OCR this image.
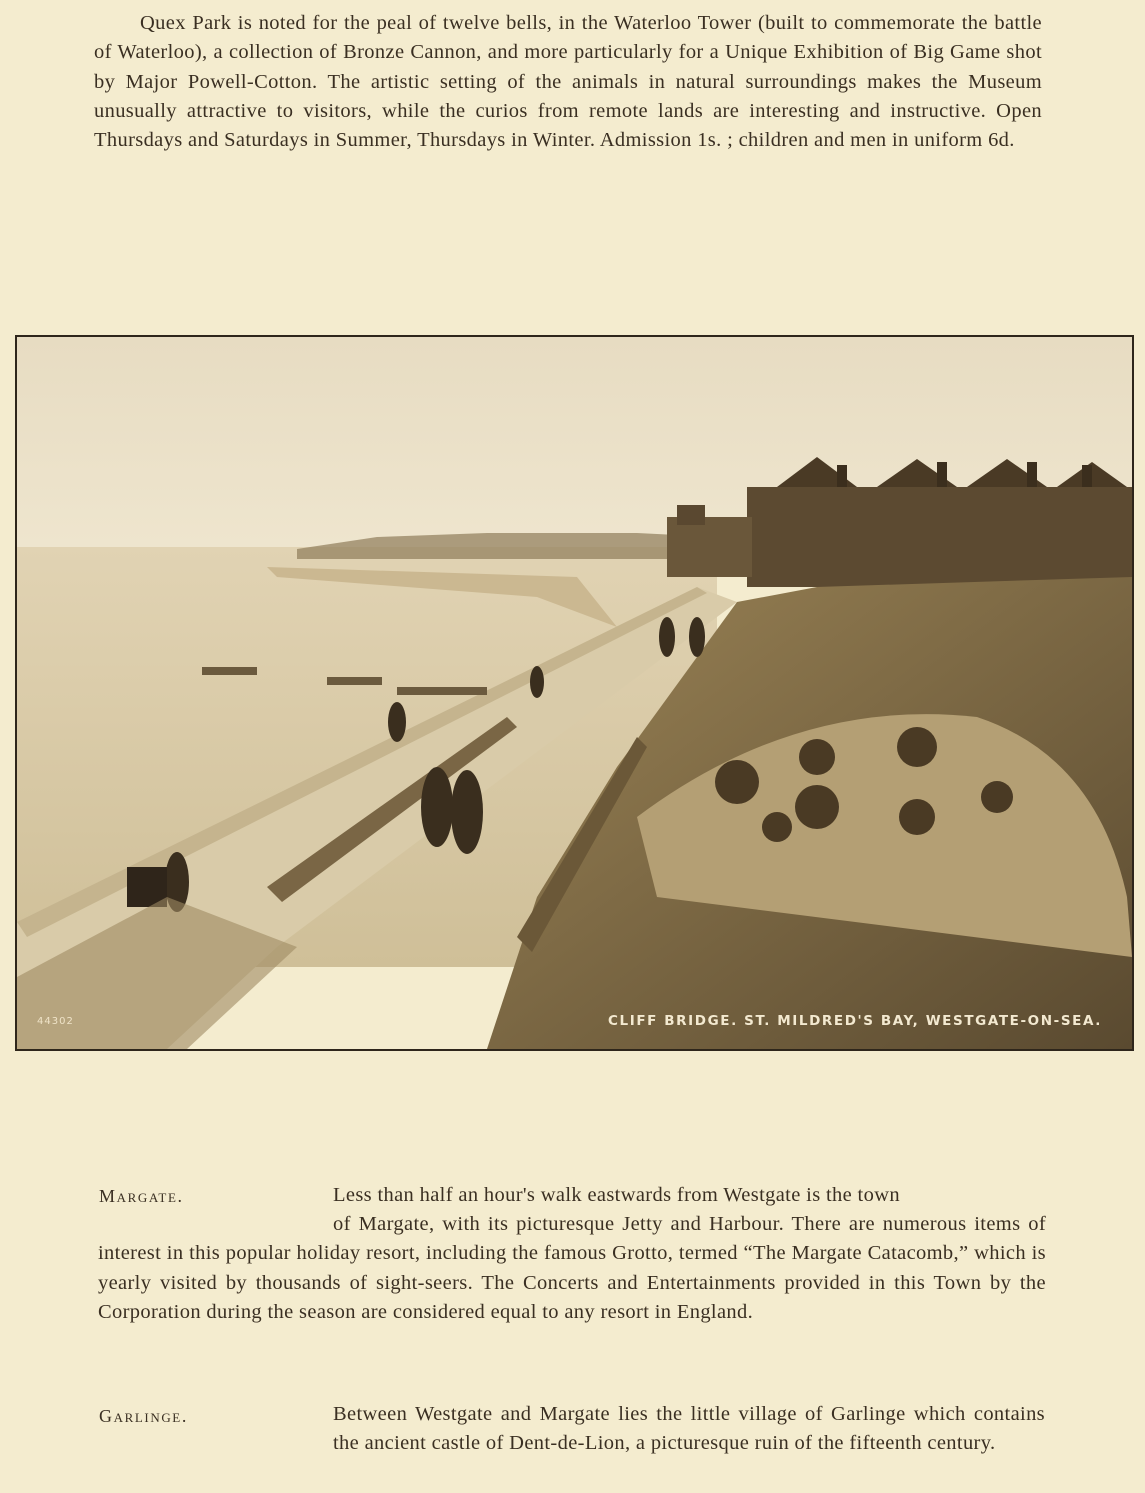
Quex Park is noted for the peal of twelve bells, in the Waterloo Tower (built to commemorate the battle of Waterloo), a collection of Bronze Cannon, and more particularly for a Unique Exhibition of Big Game shot by Major Powell-Cotton. The artistic setting of the animals in natural surroundings makes the Museum unusually attractive to visitors, while the curios from remote lands are interesting and instructive. Open Thursdays and Saturdays in Summer, Thursdays in Winter. Admission 1s. ; children and men in uniform 6d.

44302	CLIFF BRIDGE. ST. MILDRED'S BAY, WESTGATE-ON-SEA.
Margate.	Less than half an hour's walk eastwards from Westgate is the town

of Margate, with its picturesque Jetty and Harbour. There are numerous items of interest in this popular holiday resort, including the famous Grotto, termed “The Margate Catacomb,” which is yearly visited by thousands of sight-seers. The Concerts and Entertainments provided in this Town by the Corporation during the season are considered equal to any resort in England.

Garlinge.	Between Westgate and Margate lies the little village of Garlinge which contains the ancient castle of Dent-de-Lion, a picturesque ruin of the fifteenth century.
